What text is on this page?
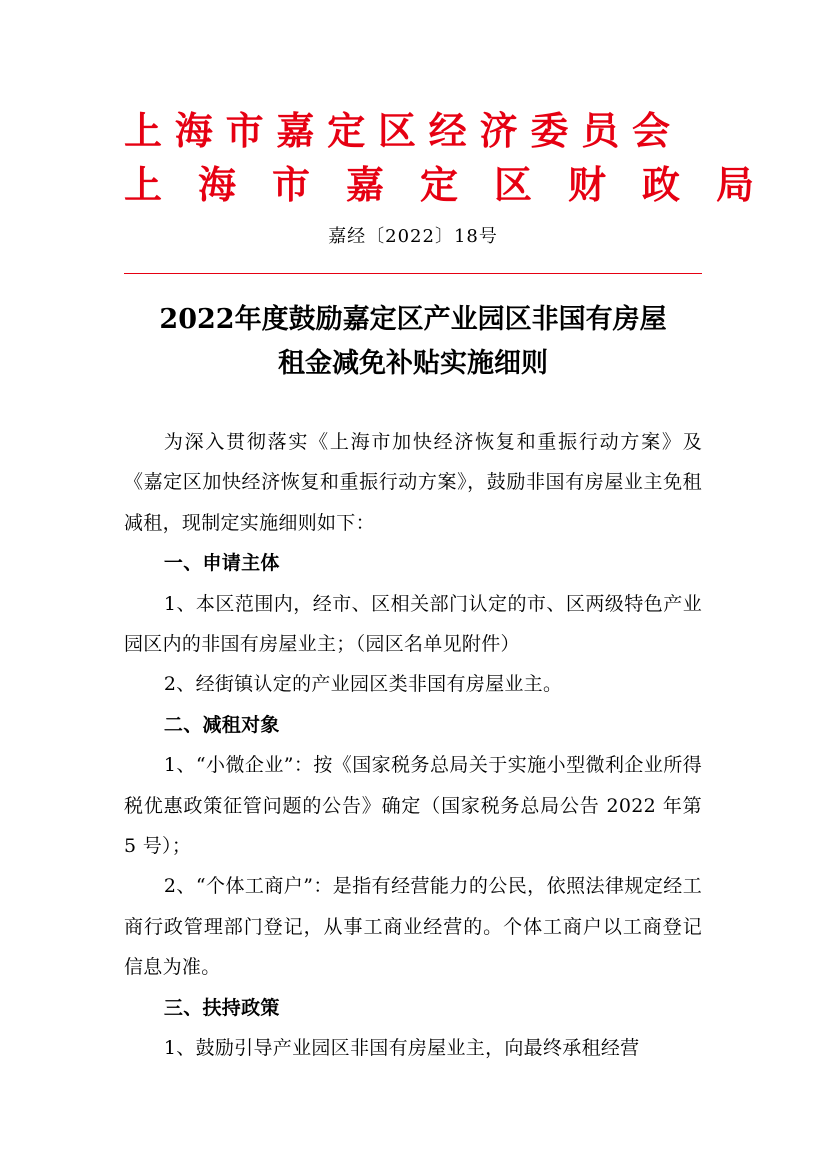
上海市嘉定区经济委员会
上海市嘉定区财政局
嘉经〔2022〕18号
2022年度鼓励嘉定区产业园区非国有房屋
租金减免补贴实施细则

为深入贯彻落实《上海市加快经济恢复和重振行动方案》及《嘉定区加快经济恢复和重振行动方案》，鼓励非国有房屋业主免租减租，现制定实施细则如下：

一、申请主体

1、本区范围内，经市、区相关部门认定的市、区两级特色产业园区内的非国有房屋业主；（园区名单见附件）

2、经街镇认定的产业园区类非国有房屋业主。

二、减租对象

1、“小微企业”：按《国家税务总局关于实施小型微利企业所得税优惠政策征管问题的公告》确定（国家税务总局公告 2022 年第 5 号）；

2、“个体工商户”：是指有经营能力的公民，依照法律规定经工商行政管理部门登记，从事工商业经营的。个体工商户以工商登记信息为准。

三、扶持政策

1、鼓励引导产业园区非国有房屋业主，向最终承租经营
